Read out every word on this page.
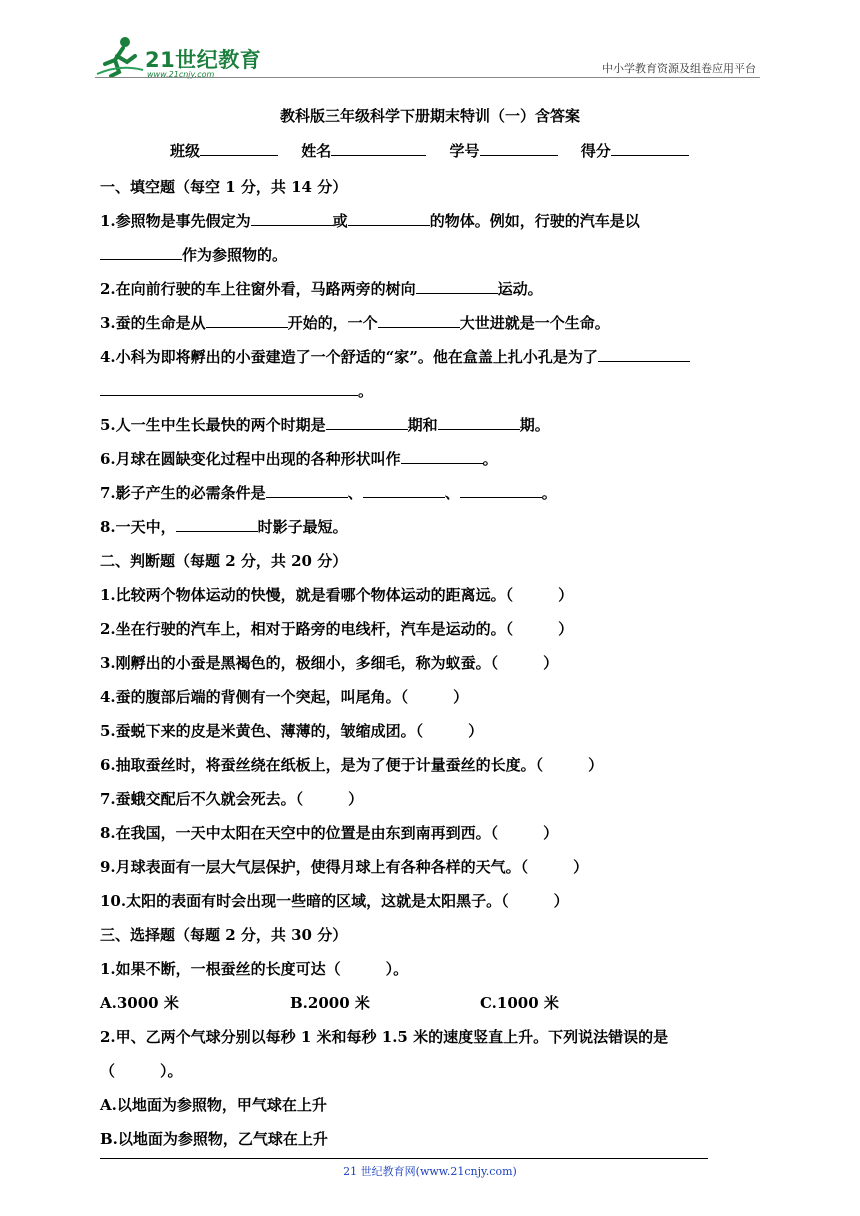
21世纪教育
www.21cnjy.com	中小学教育资源及组卷应用平台
教科版三年级科学下册期末特训（一）含答案
班级	姓名	学号	得分
一、填空题（每空 1 分，共 14 分）
1.参照物是事先假定为	或	的物体。例如，行驶的汽车是以
作为参照物的。
2.在向前行驶的车上往窗外看，马路两旁的树向	运动。
3.蚕的生命是从	开始的，一个	大世进就是一个生命。
4.小科为即将孵出的小蚕建造了一个舒适的“家”。他在盒盖上扎小孔是为了
。
5.人一生中生长最快的两个时期是	期和	期。
6.月球在圆缺变化过程中出现的各种形状叫作	。
7.影子产生的必需条件是	、	、	。
8.一天中，	时影子最短。
二、判断题（每题 2 分，共 20 分）
1.比较两个物体运动的快慢，就是看哪个物体运动的距离远。（　　　）
2.坐在行驶的汽车上，相对于路旁的电线杆，汽车是运动的。（　　　）
3.刚孵出的小蚕是黑褐色的，极细小，多细毛，称为蚁蚕。（　　　）
4.蚕的腹部后端的背侧有一个突起，叫尾角。（　　　）
5.蚕蜕下来的皮是米黄色、薄薄的，皱缩成团。（　　　）
6.抽取蚕丝时，将蚕丝绕在纸板上，是为了便于计量蚕丝的长度。（　　　）
7.蚕蛾交配后不久就会死去。（　　　）
8.在我国，一天中太阳在天空中的位置是由东到南再到西。（　　　）
9.月球表面有一层大气层保护，使得月球上有各种各样的天气。（　　　）
10.太阳的表面有时会出现一些暗的区域，这就是太阳黑子。（　　　）
三、选择题（每题 2 分，共 30 分）
1.如果不断，一根蚕丝的长度可达（　　　）。
A.3000 米	B.2000 米	C.1000 米
2.甲、乙两个气球分别以每秒 1 米和每秒 1.5 米的速度竖直上升。下列说法错误的是
（　　　）。
A.以地面为参照物，甲气球在上升
B.以地面为参照物，乙气球在上升
21 世纪教育网(www.21cnjy.com)
